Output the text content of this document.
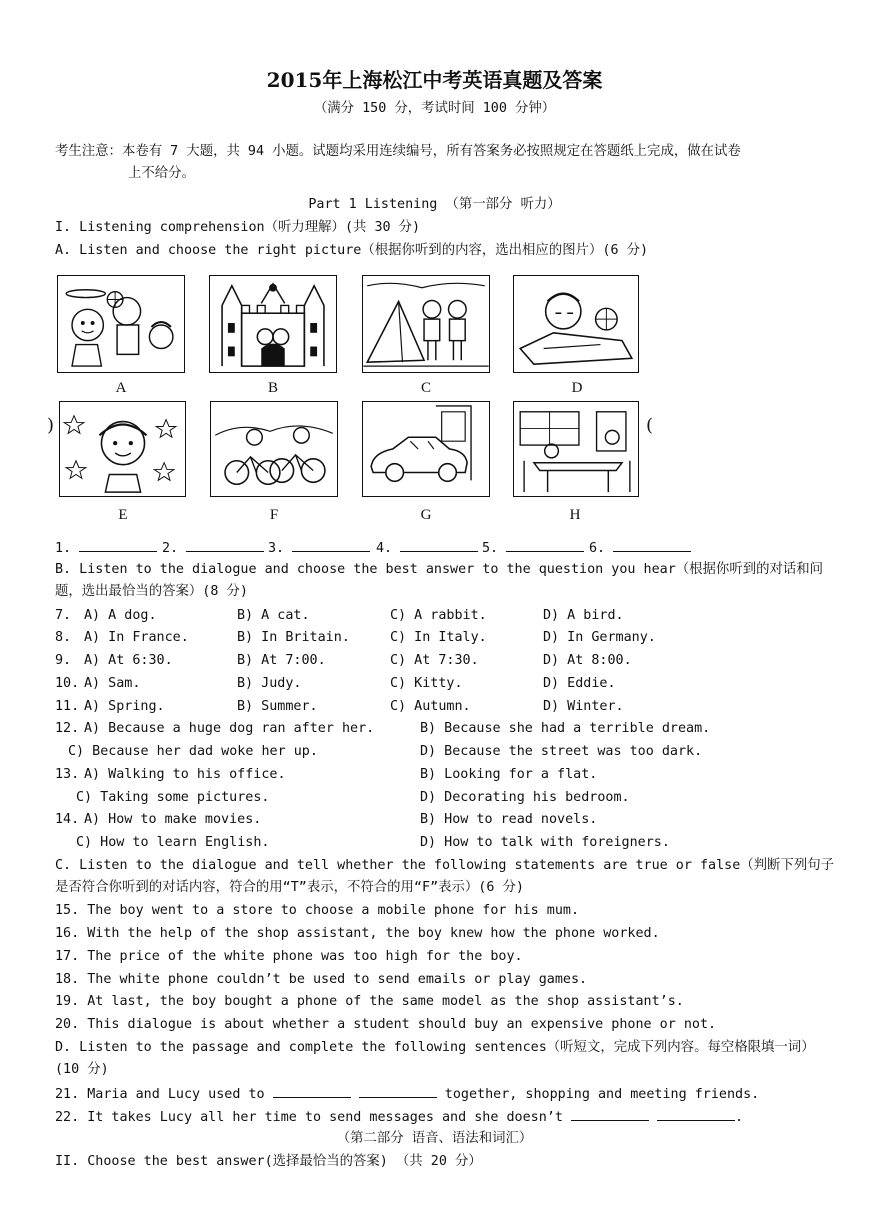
2015年上海松江中考英语真题及答案
（满分 150 分，考试时间 100 分钟）
考生注意：本卷有 7 大题，共 94 小题。试题均采用连续编号，所有答案务必按照规定在答题纸上完成，做在试卷
上不给分。
Part 1 Listening （第一部分 听力）
I. Listening comprehension（听力理解）(共 30 分)
A. Listen and choose the right picture（根据你听到的内容，选出相应的图片）(6 分)
A	B	C	D
)
E	F	G	H
(
1.	2.	3.	4.	5.	6.
B. Listen to the dialogue and choose the best answer to the question you hear（根据你听到的对话和问
题，选出最恰当的答案）(8 分)
7. A) A dog.	B) A cat.	C) A rabbit.	D) A bird.
8. A) In France.	B) In Britain.	C) In Italy.	D) In Germany.
9. A) At 6:30.	B) At 7:00.	C) At 7:30.	D) At 8:00.
10. A) Sam.	B) Judy.	C) Kitty.	D) Eddie.
11. A) Spring.	B) Summer.	C) Autumn.	D) Winter.
12. A) Because a huge dog ran after her.	B) Because she had a terrible dream.
C) Because her dad woke her up.	D) Because the street was too dark.
13. A) Walking to his office.	B) Looking for a flat.
C) Taking some pictures.	D) Decorating his bedroom.
14. A) How to make movies.	B) How to read novels.
C) How to learn English.	D) How to talk with foreigners.
C. Listen to the dialogue and tell whether the following statements are true or false（判断下列句子
是否符合你听到的对话内容，符合的用“T”表示，不符合的用“F”表示）(6 分)
15. The boy went to a store to choose a mobile phone for his mum.
16. With the help of the shop assistant, the boy knew how the phone worked.
17. The price of the white phone was too high for the boy.
18. The white phone couldn’t be used to send emails or play games.
19. At last, the boy bought a phone of the same model as the shop assistant’s.
20. This dialogue is about whether a student should buy an expensive phone or not.
D. Listen to the passage and complete the following sentences（听短文，完成下列内容。每空格限填一词）
(10 分)
21. Maria and Lucy used to	together, shopping and meeting friends.
22. It takes Lucy all her time to send messages and she doesn’t	.
（第二部分 语音、语法和词汇）
II. Choose the best answer(选择最恰当的答案) （共 20 分）
